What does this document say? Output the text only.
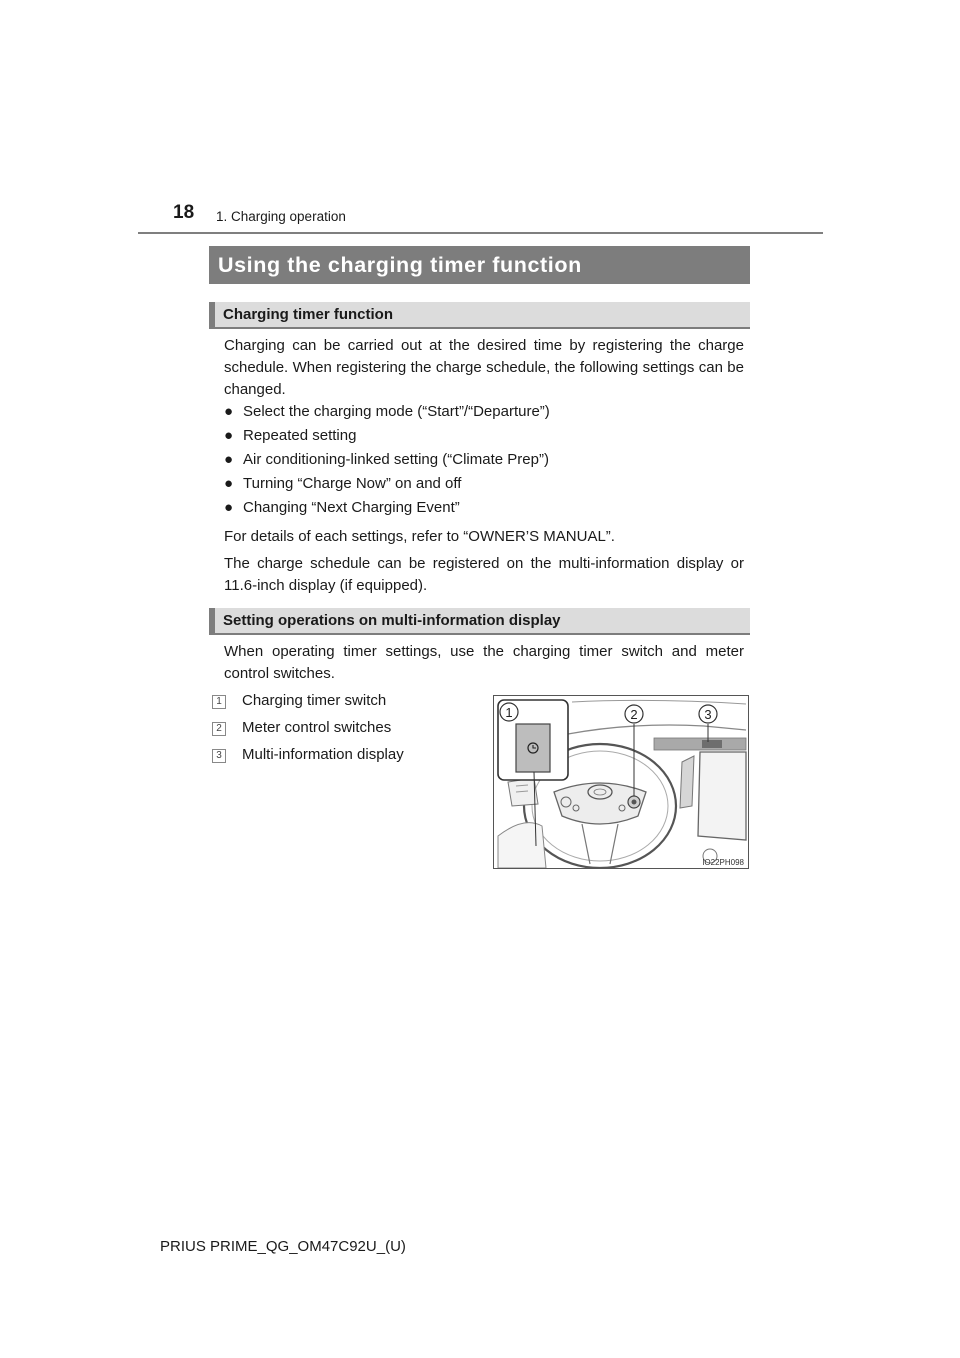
18 1. Charging operation
Using the charging timer function
Charging timer function

Charging can be carried out at the desired time by registering the charge schedule. When registering the charge schedule, the following settings can be changed.

● Select the charging mode (“Start”/“Departure”)
● Repeated setting
● Air conditioning-linked setting (“Climate Prep”)
● Turning “Charge Now” on and off
● Changing “Next Charging Event”

For details of each settings, refer to “OWNER’S MANUAL”.

The charge schedule can be registered on the multi-information display or 11.6-inch display (if equipped).

Setting operations on multi-information display

When operating timer settings, use the charging timer switch and meter control switches.

1 Charging timer switch
2 Meter control switches
3 Multi-information display
1	2	3
IO22PH098
PRIUS PRIME_QG_OM47C92U_(U)
